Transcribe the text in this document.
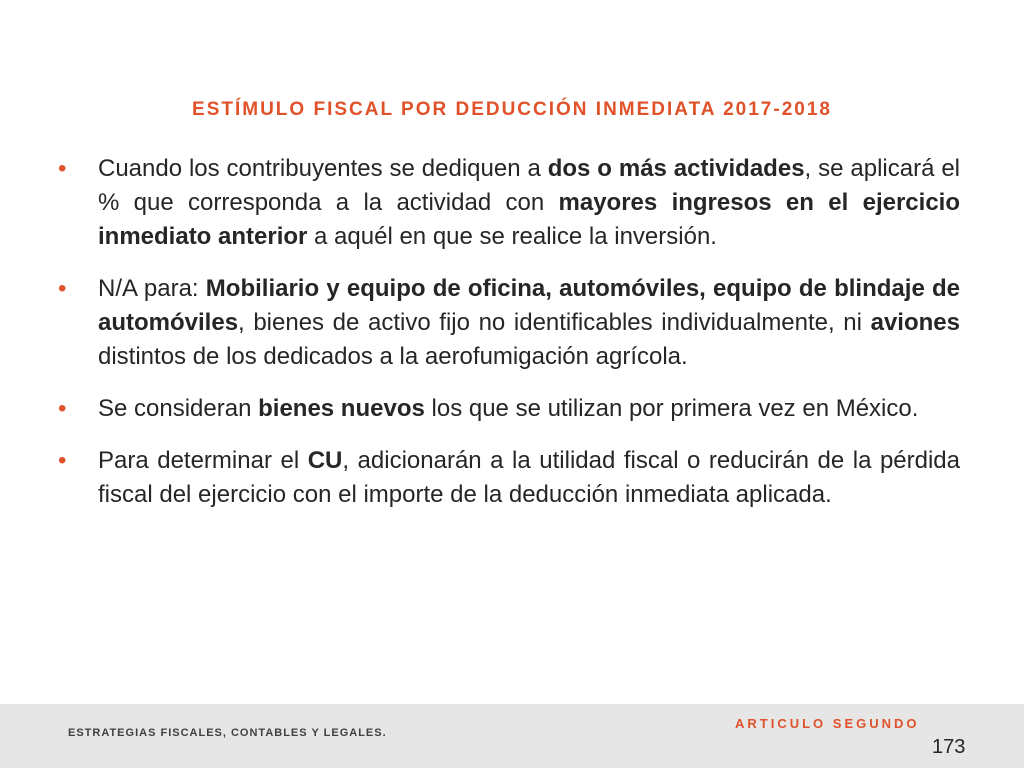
ESTÍMULO FISCAL POR DEDUCCIÓN INMEDIATA 2017-2018
• Cuando los contribuyentes se dediquen a dos o más actividades, se aplicará el % que corresponda a la actividad con mayores ingresos en el ejercicio inmediato anterior a aquél en que se realice la inversión.
• N/A para: Mobiliario y equipo de oficina, automóviles, equipo de blindaje de automóviles, bienes de activo fijo no identificables individualmente, ni aviones distintos de los dedicados a la aerofumigación agrícola.
• Se consideran bienes nuevos los que se utilizan por primera vez en México.
• Para determinar el CU, adicionarán a la utilidad fiscal o reducirán de la pérdida fiscal del ejercicio con el importe de la deducción inmediata aplicada.
ESTRATEGIAS FISCALES, CONTABLES Y LEGALES.
ARTICULO SEGUNDO
173
